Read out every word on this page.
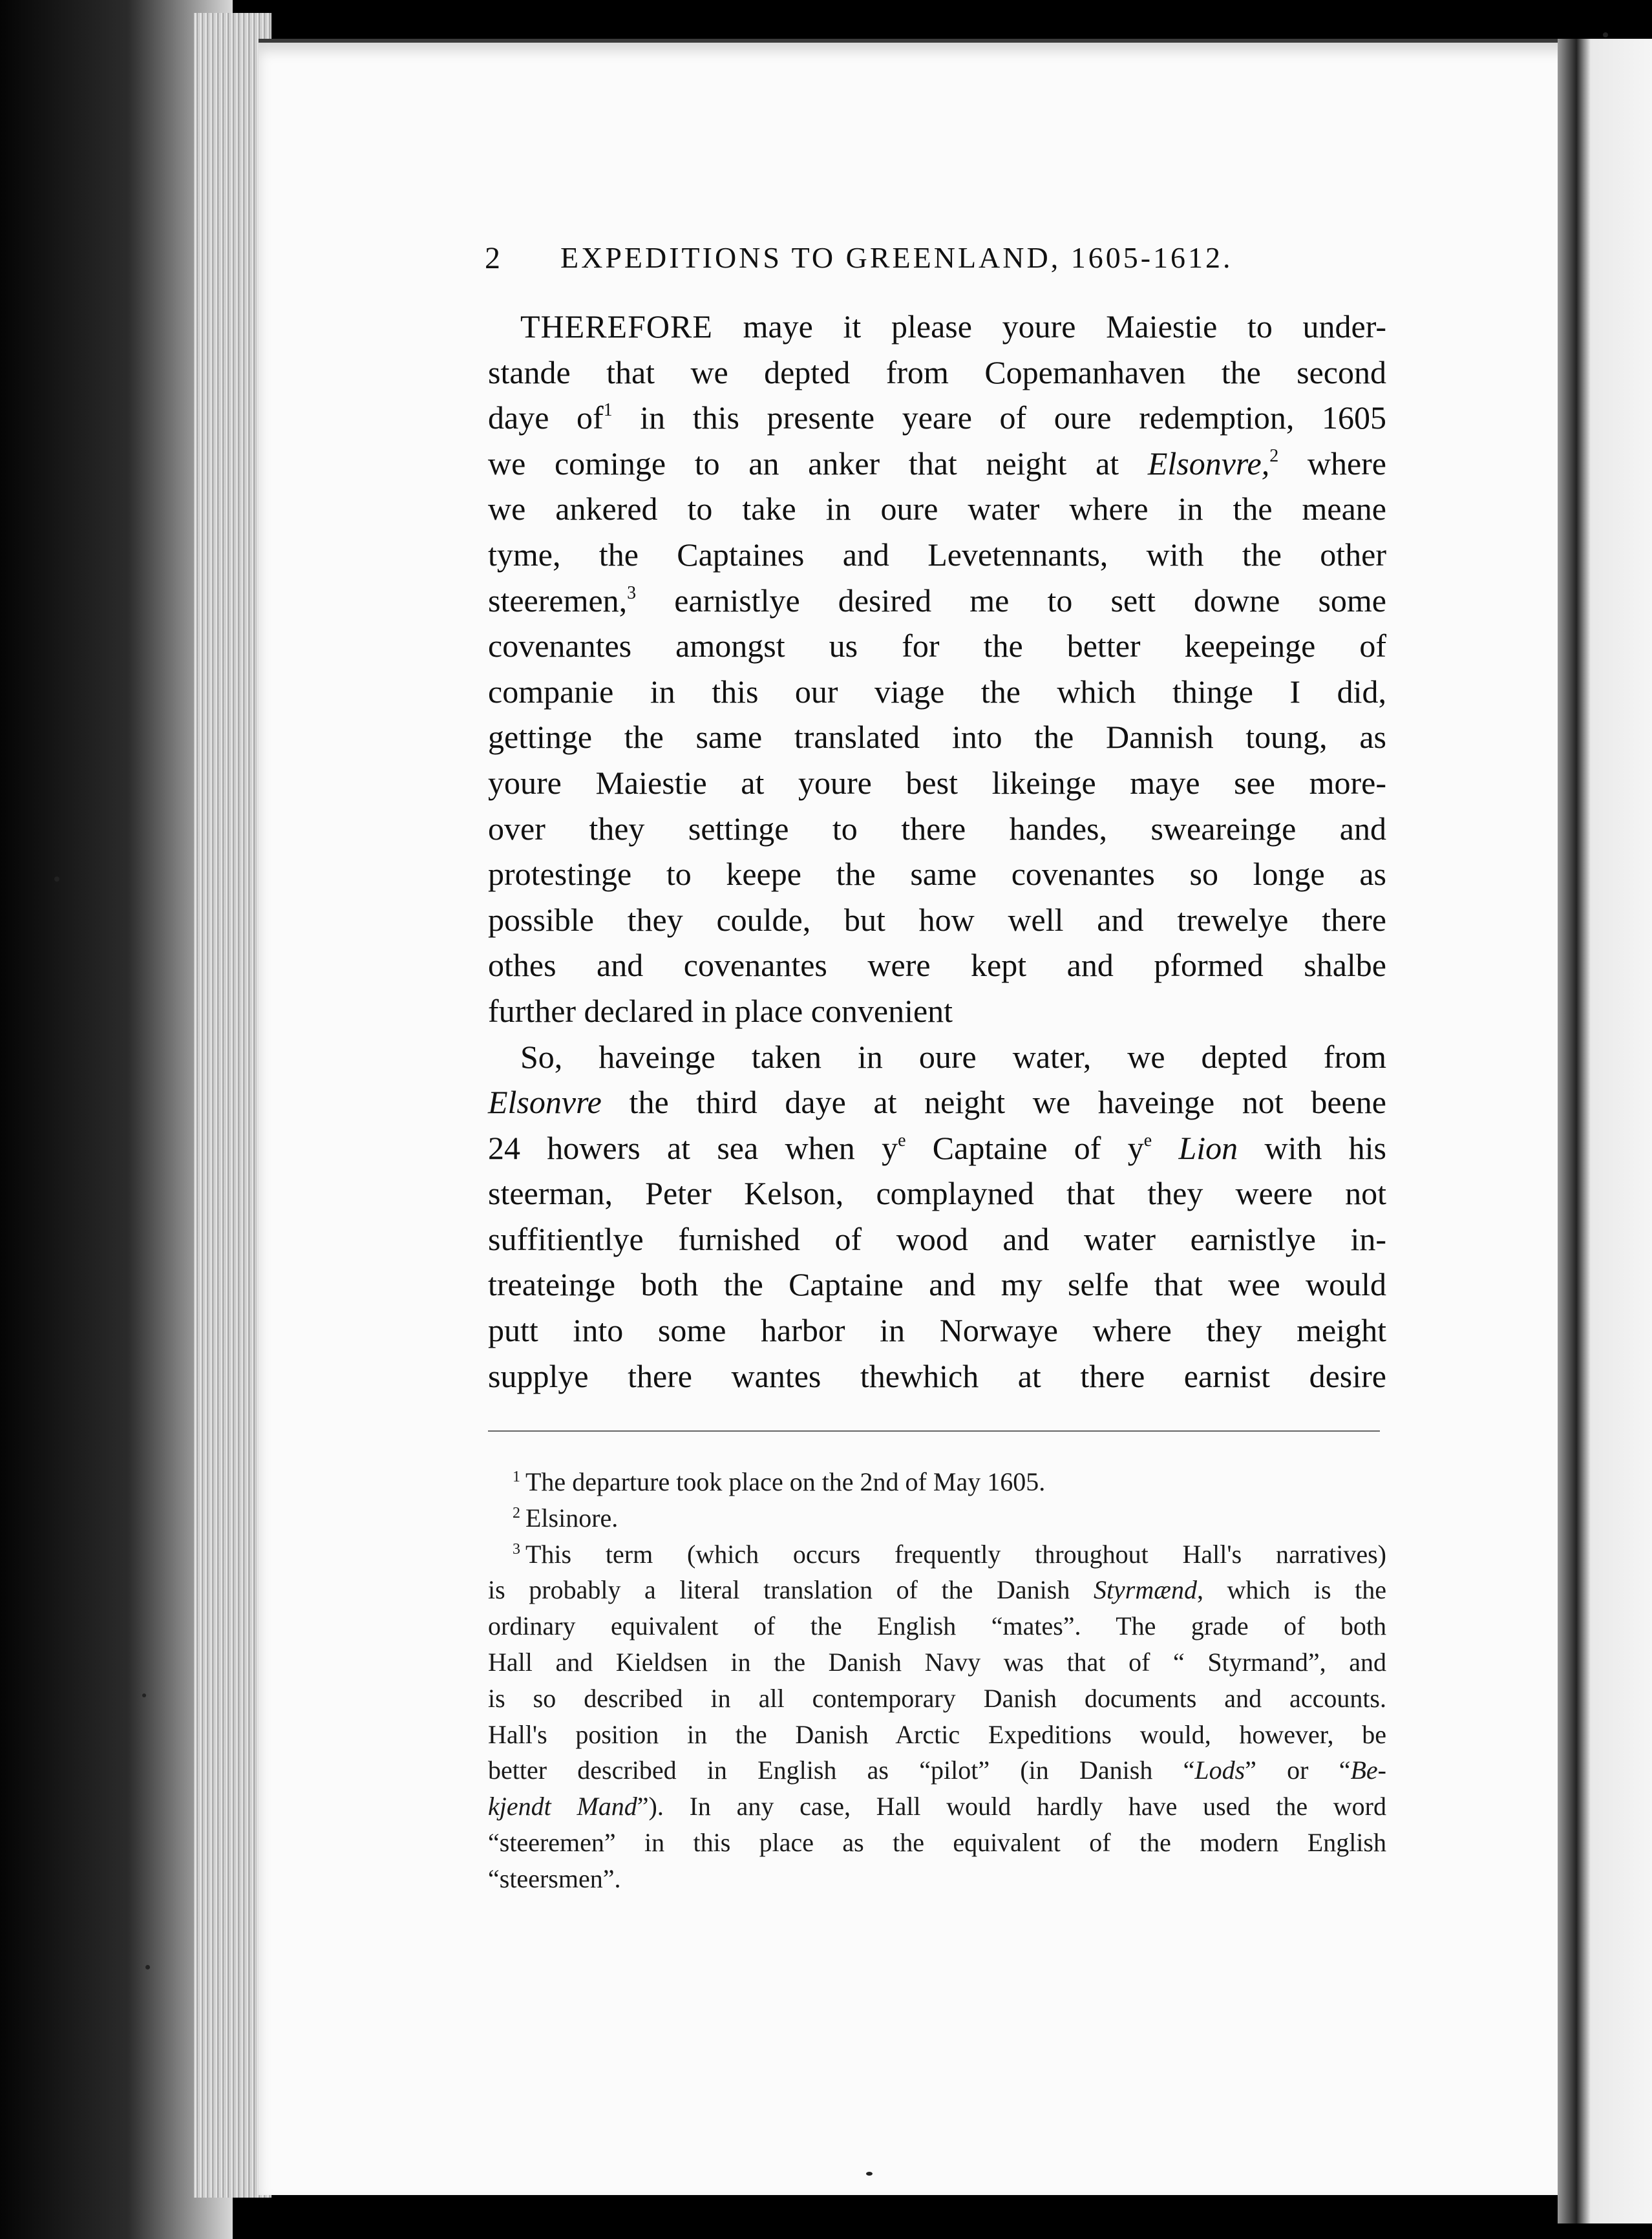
2 EXPEDITIONS TO GREENLAND, 1605-1612.

THEREFORE maye it please youre Maiestie to under-
stande that we depted from Copemanhaven the second
daye $of^1$ in this presente yeare of oure redemption, 1605
we cominge to an anker that neight at Elsonvre,$^2$ where
we ankered to take in oure water where in the meane
tyme, the Captaines and Levetennants, with the other
steeremen,$^3$ earnistlye desired me to sett downe some
covenantes amongst us for the better keepeinge of
companie in this our viage the which thinge I did,
gettinge the same translated into the Dannish toung, as
youre Maiestie at youre best likeinge maye see more-
over they settinge to there handes, sweareinge and
protestinge to keepe the same covenantes so longe as
possible they coulde, but how well and trewelye there
othes and covenantes were kept and pformed shalbe
further declared in place convenient

So, haveinge taken in oure water, we depted from
Elsonvre the third daye at neight we haveinge not beene
24 howers at sea when $y^e$ Captaine of $y^e$ Lion with his
steerman, Peter Kelson, complayned that they weere not
suffitientlye furnished of wood and water earnistlye in-
treateinge both the Captaine and my selfe that wee would
putt into some harbor in Norwaye where they meight
supplye there wantes thewhich at there earnist desire

$^1$ The departure took place on the 2nd of May 1605.
$^2$ Elsinore.
$^3$ This term (which occurs frequently throughout Hall's narratives)
is probably a literal translation of the Danish Styrmænd, which is the
ordinary equivalent of the English “mates”. The grade of both
Hall and Kieldsen in the Danish Navy was that of “ Styrmand”, and
is so described in all contemporary Danish documents and accounts.
Hall's position in the Danish Arctic Expeditions would, however, be
better described in English as “pilot” (in Danish “Lods” or “Be-
kjendt Mand”). In any case, Hall would hardly have used the word
“steeremen” in this place as the equivalent of the modern English
“steersmen”.
